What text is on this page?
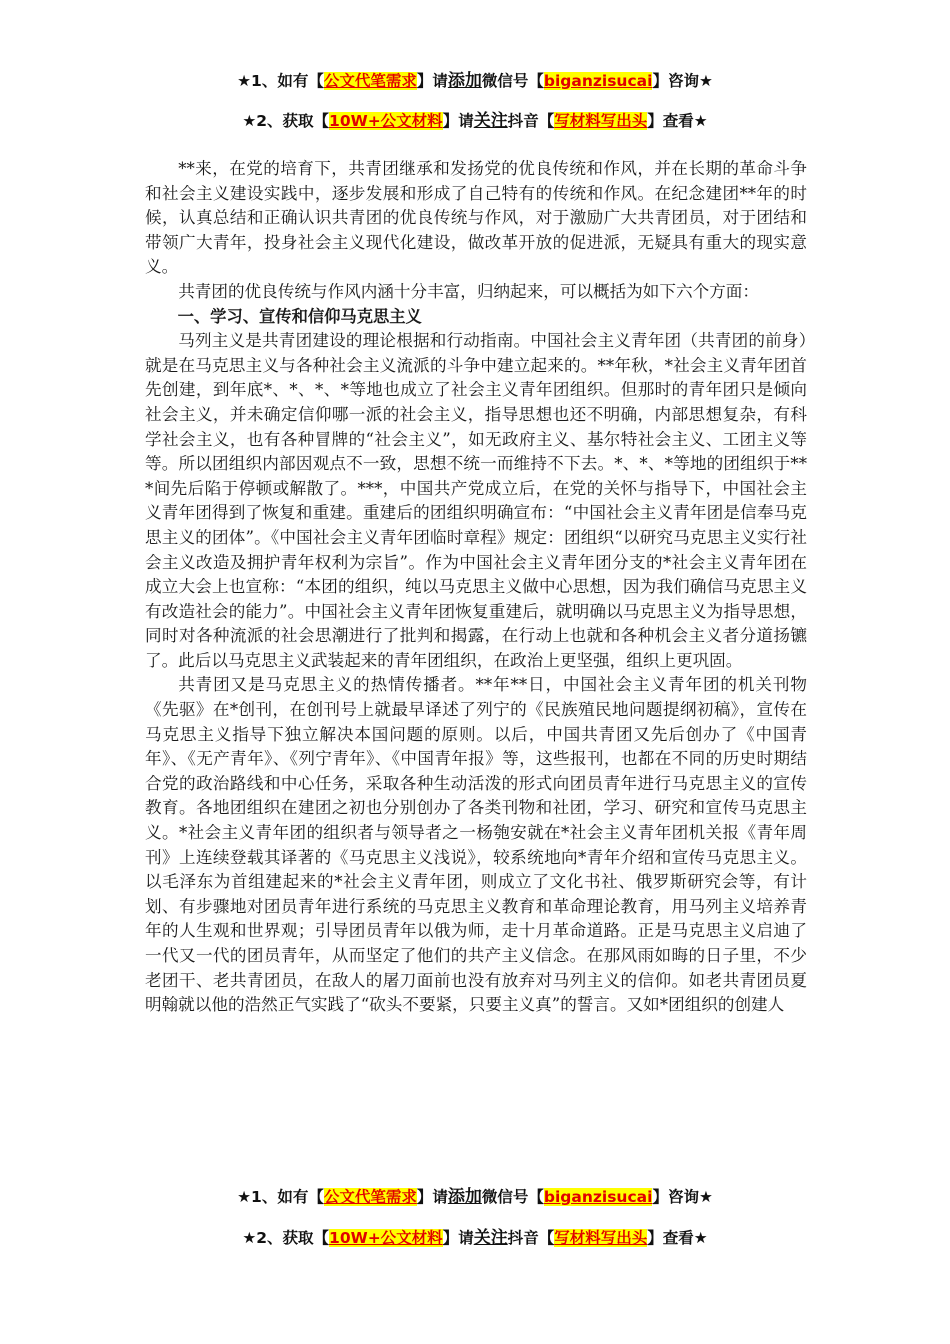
★1、如有【公文代笔需求】请添加微信号【biganzisucai】咨询★
★2、获取【10W+公文材料】请关注抖音【写材料写出头】查看★

**来，在党的培育下，共青团继承和发扬党的优良传统和作风，并在长期的革命斗争和社会主义建设实践中，逐步发展和形成了自己特有的传统和作风。在纪念建团**年的时候，认真总结和正确认识共青团的优良传统与作风，对于激励广大共青团员，对于团结和带领广大青年，投身社会主义现代化建设，做改革开放的促进派，无疑具有重大的现实意义。

共青团的优良传统与作风内涵十分丰富，归纳起来，可以概括为如下六个方面：

一、学习、宣传和信仰马克思主义

马列主义是共青团建设的理论根据和行动指南。中国社会主义青年团（共青团的前身）就是在马克思主义与各种社会主义流派的斗争中建立起来的。**年秋，*社会主义青年团首先创建，到年底*、*、*、*等地也成立了社会主义青年团组织。但那时的青年团只是倾向社会主义，并未确定信仰哪一派的社会主义，指导思想也还不明确，内部思想复杂，有科学社会主义，也有各种冒牌的“社会主义”，如无政府主义、基尔特社会主义、工团主义等等。所以团组织内部因观点不一致，思想不统一而维持不下去。*、*、*等地的团组织于***间先后陷于停顿或解散了。***，中国共产党成立后，在党的关怀与指导下，中国社会主义青年团得到了恢复和重建。重建后的团组织明确宣布：“中国社会主义青年团是信奉马克思主义的团体”。《中国社会主义青年团临时章程》规定：团组织“以研究马克思主义实行社会主义改造及拥护青年权利为宗旨”。作为中国社会主义青年团分支的*社会主义青年团在成立大会上也宣称：“本团的组织，纯以马克思主义做中心思想，因为我们确信马克思主义有改造社会的能力”。中国社会主义青年团恢复重建后，就明确以马克思主义为指导思想，同时对各种流派的社会思潮进行了批判和揭露，在行动上也就和各种机会主义者分道扬镳了。此后以马克思主义武装起来的青年团组织，在政治上更坚强，组织上更巩固。

共青团又是马克思主义的热情传播者。**年**日，中国社会主义青年团的机关刊物《先驱》在*创刊，在创刊号上就最早译述了列宁的《民族殖民地问题提纲初稿》，宣传在马克思主义指导下独立解决本国问题的原则。以后，中国共青团又先后创办了《中国青年》、《无产青年》、《列宁青年》、《中国青年报》等，这些报刊，也都在不同的历史时期结合党的政治路线和中心任务，采取各种生动活泼的形式向团员青年进行马克思主义的宣传教育。各地团组织在建团之初也分别创办了各类刊物和社团，学习、研究和宣传马克思主义。*社会主义青年团的组织者与领导者之一杨匏安就在*社会主义青年团机关报《青年周刊》上连续登载其译著的《马克思主义浅说》，较系统地向*青年介绍和宣传马克思主义。以毛泽东为首组建起来的*社会主义青年团，则成立了文化书社、俄罗斯研究会等，有计划、有步骤地对团员青年进行系统的马克思主义教育和革命理论教育，用马列主义培养青年的人生观和世界观；引导团员青年以俄为师，走十月革命道路。正是马克思主义启迪了一代又一代的团员青年，从而坚定了他们的共产主义信念。在那风雨如晦的日子里，不少老团干、老共青团员，在敌人的屠刀面前也没有放弃对马列主义的信仰。如老共青团员夏明翰就以他的浩然正气实践了“砍头不要紧，只要主义真”的誓言。又如*团组织的创建人

★1、如有【公文代笔需求】请添加微信号【biganzisucai】咨询★
★2、获取【10W+公文材料】请关注抖音【写材料写出头】查看★
